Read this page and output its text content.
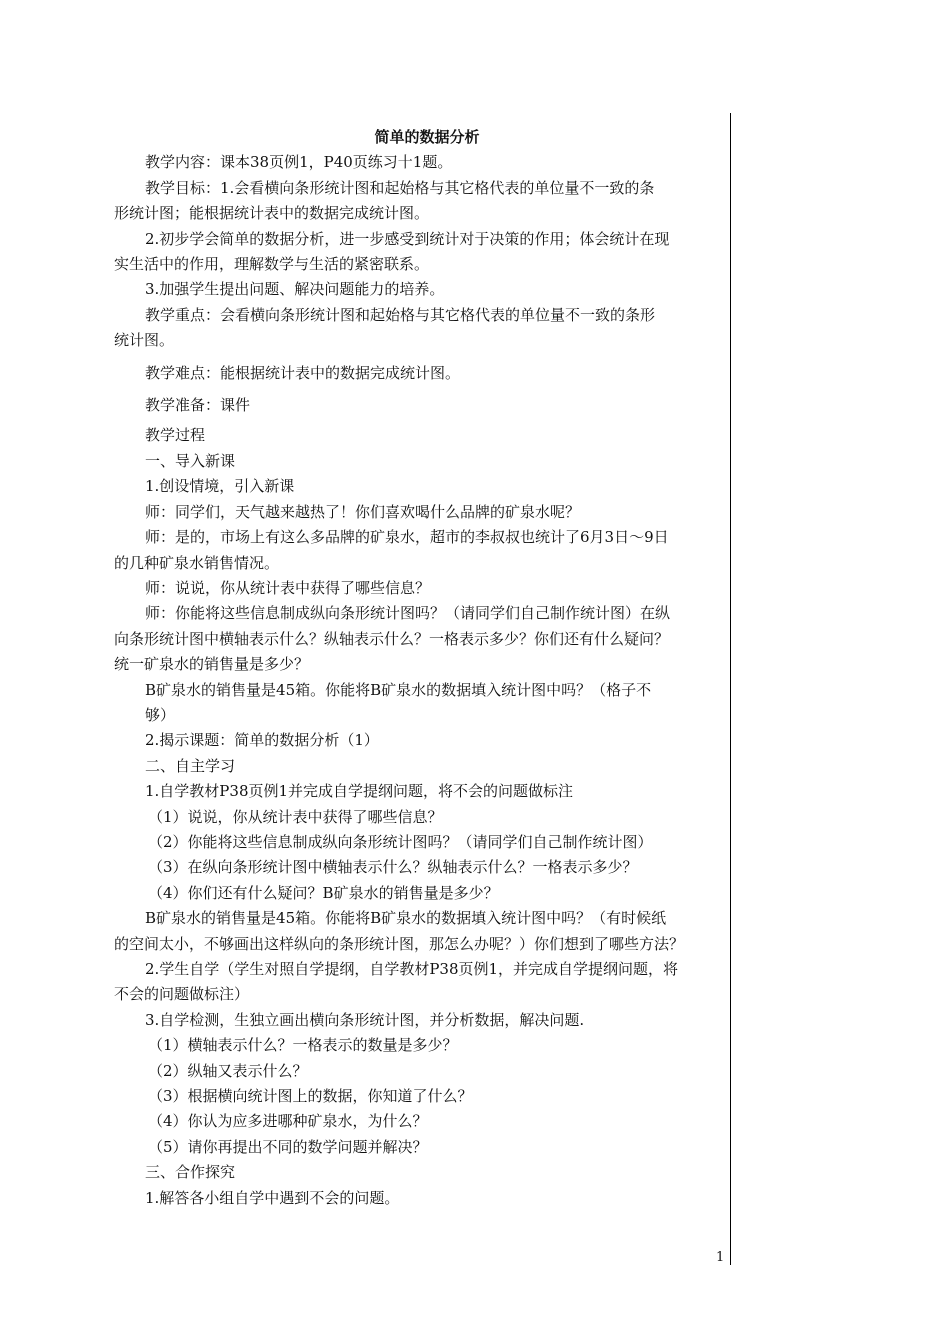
简单的数据分析

教学内容：课本38页例1，P40页练习十1题。

教学目标：1.会看横向条形统计图和起始格与其它格代表的单位量不一致的条

形统计图；能根据统计表中的数据完成统计图。

2.初步学会简单的数据分析，进一步感受到统计对于决策的作用；体会统计在现

实生活中的作用，理解数学与生活的紧密联系。

3.加强学生提出问题、解决问题能力的培养。

教学重点：会看横向条形统计图和起始格与其它格代表的单位量不一致的条形

统计图。

教学难点：能根据统计表中的数据完成统计图。

教学准备：课件

教学过程

一、导入新课

1.创设情境，引入新课

师：同学们，天气越来越热了！你们喜欢喝什么品牌的矿泉水呢？

师：是的，市场上有这么多品牌的矿泉水，超市的李叔叔也统计了6月3日～9日

的几种矿泉水销售情况。

师：说说，你从统计表中获得了哪些信息？

师：你能将这些信息制成纵向条形统计图吗？（请同学们自己制作统计图）在纵

向条形统计图中横轴表示什么？纵轴表示什么？一格表示多少？你们还有什么疑问？

统一矿泉水的销售量是多少？

B矿泉水的销售量是45箱。你能将B矿泉水的数据填入统计图中吗？（格子不

够）

2.揭示课题：简单的数据分析（1）

二、自主学习

1.自学教材P38页例1并完成自学提纲问题，将不会的问题做标注

（1）说说，你从统计表中获得了哪些信息？

（2）你能将这些信息制成纵向条形统计图吗？（请同学们自己制作统计图）

（3）在纵向条形统计图中横轴表示什么？纵轴表示什么？一格表示多少？

（4）你们还有什么疑问？B矿泉水的销售量是多少？

B矿泉水的销售量是45箱。你能将B矿泉水的数据填入统计图中吗？（有时候纸

的空间太小，不够画出这样纵向的条形统计图，那怎么办呢？）你们想到了哪些方法？

2.学生自学（学生对照自学提纲，自学教材P38页例1，并完成自学提纲问题，将

不会的问题做标注）

3.自学检测，生独立画出横向条形统计图，并分析数据，解决问题.

（1）横轴表示什么？一格表示的数量是多少？

（2）纵轴又表示什么？

（3）根据横向统计图上的数据，你知道了什么？

（4）你认为应多进哪种矿泉水，为什么？

（5）请你再提出不同的数学问题并解决？

三、合作探究

1.解答各小组自学中遇到不会的问题。

1
